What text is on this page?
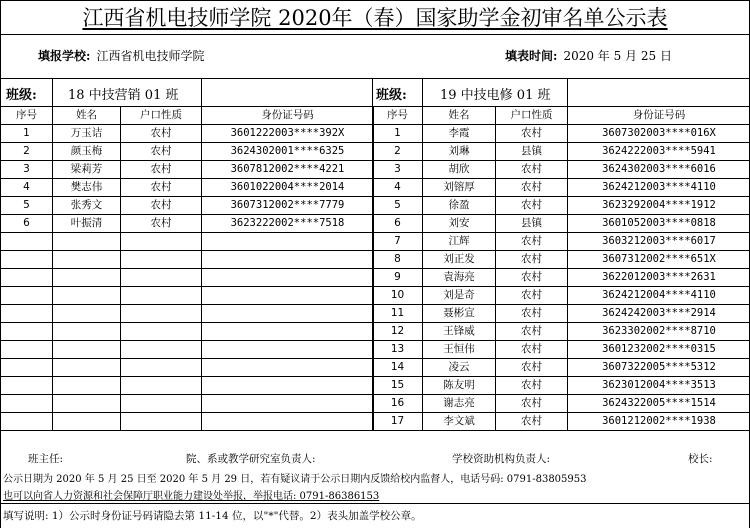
江西省机电技师学院 2020年（春）国家助学金初审名单公示表
填报学校: 江西省机电技师学院	填表时间: 2020 年 5 月 25 日
班级: 18 中技营销 01 班	班级:	19 中技电修 01 班
序号	姓名	户口性质	身份证号码
1	万玉诘	农村	3601222003****392X
2	颜玉梅	农村	3624302001****6325
3	梁莉芳	农村	3607812002****4221
4	樊志伟	农村	3601022004****2014
5	张秀文	农村	3607312002****7779
6	叶振清	农村	3623222002****7518

序号	姓名	户口性质	身份证号码
1	李霞	农村	3607302003****016X
2	刘琳	县镇	3624222003****5941
3	胡欣	农村	3624302003****6016
4	刘镕厚	农村	3624212003****4110
5	徐盈	农村	3623292004****1912
6	刘安	县镇	3601052003****0818
7	江辉	农村	3603212003****6017
8	刘正发	农村	3607312002****651X
9	袁海亮	农村	3622012003****2631
10	刘是奇	农村	3624212004****4110
11	聂彬宣	农村	3624242003****2914
12	王锋威	农村	3623302002****8710
13	王恒伟	农村	3601232002****0315
14	凌云	农村	3607322005****5312
15	陈友明	农村	3623012004****3513
16	谢志亮	农村	3624322005****1514
17	李文斌	农村	3601212002****1938
班主任:	院、系或教学研究室负责人:	学校资助机构负责人:	校长:
公示日期为 2020 年 5 月 25 日至 2020 年 5 月 29 日，若有疑议请于公示日期内反馈给校内监督人，电话号码: 0791-83805953
也可以向省人力资源和社会保障厅职业能力建设处举报，举报电话: 0791-86386153
填写说明: 1）公示时身份证号码请隐去第 11-14 位，以"*"代替。2）表头加盖学校公章。
